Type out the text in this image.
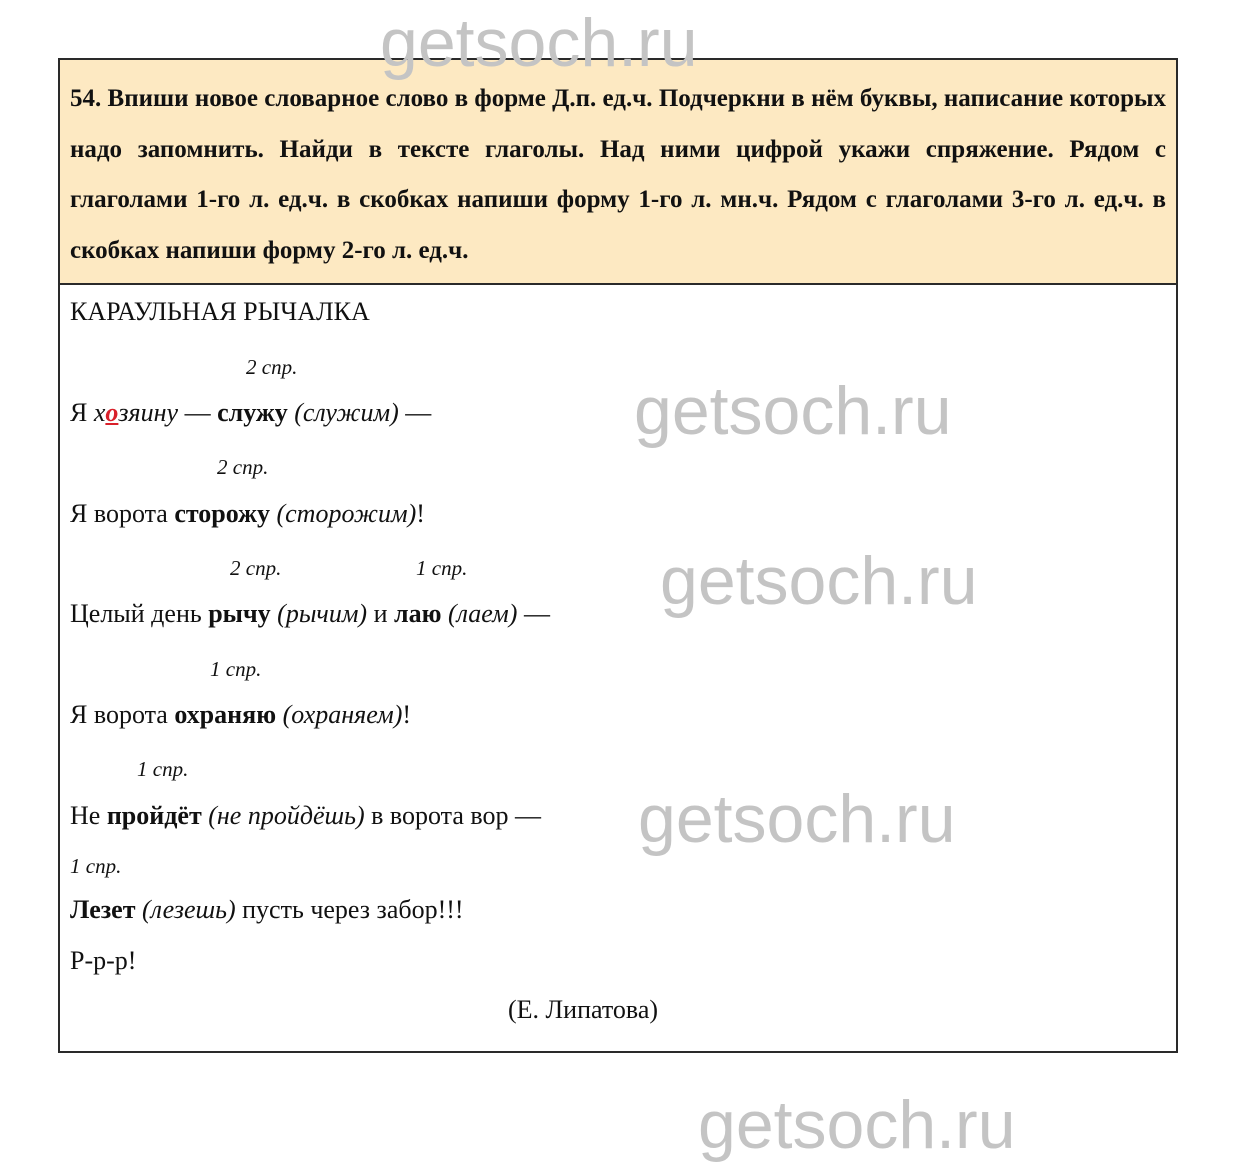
54. Впиши новое словарное слово в форме Д.п. ед.ч. Подчеркни в нём буквы, написание которых надо запомнить. Найди в тексте глаголы. Над ними цифрой укажи спряжение. Рядом с глаголами 1-го л. ед.ч. в скобках напиши форму 1-го л. мн.ч. Рядом с глаголами 3-го л. ед.ч. в скобках напиши форму 2-го л. ед.ч.

КАРАУЛЬНАЯ РЫЧАЛКА
2 спр.
Я хозяину — служу (служим) —
2 спр.
Я ворота сторожу (сторожим)!
2 спр.	1 спр.
Целый день рычу (рычим) и лаю (лаем) —
1 спр.
Я ворота охраняю (охраняем)!
1 спр.
Не пройдёт (не пройдёшь) в ворота вор —
1 спр.
Лезет (лезешь) пусть через забор!!!
Р-р-р!
(Е. Липатова)
getsoch.ru
getsoch.ru
getsoch.ru
getsoch.ru
getsoch.ru
